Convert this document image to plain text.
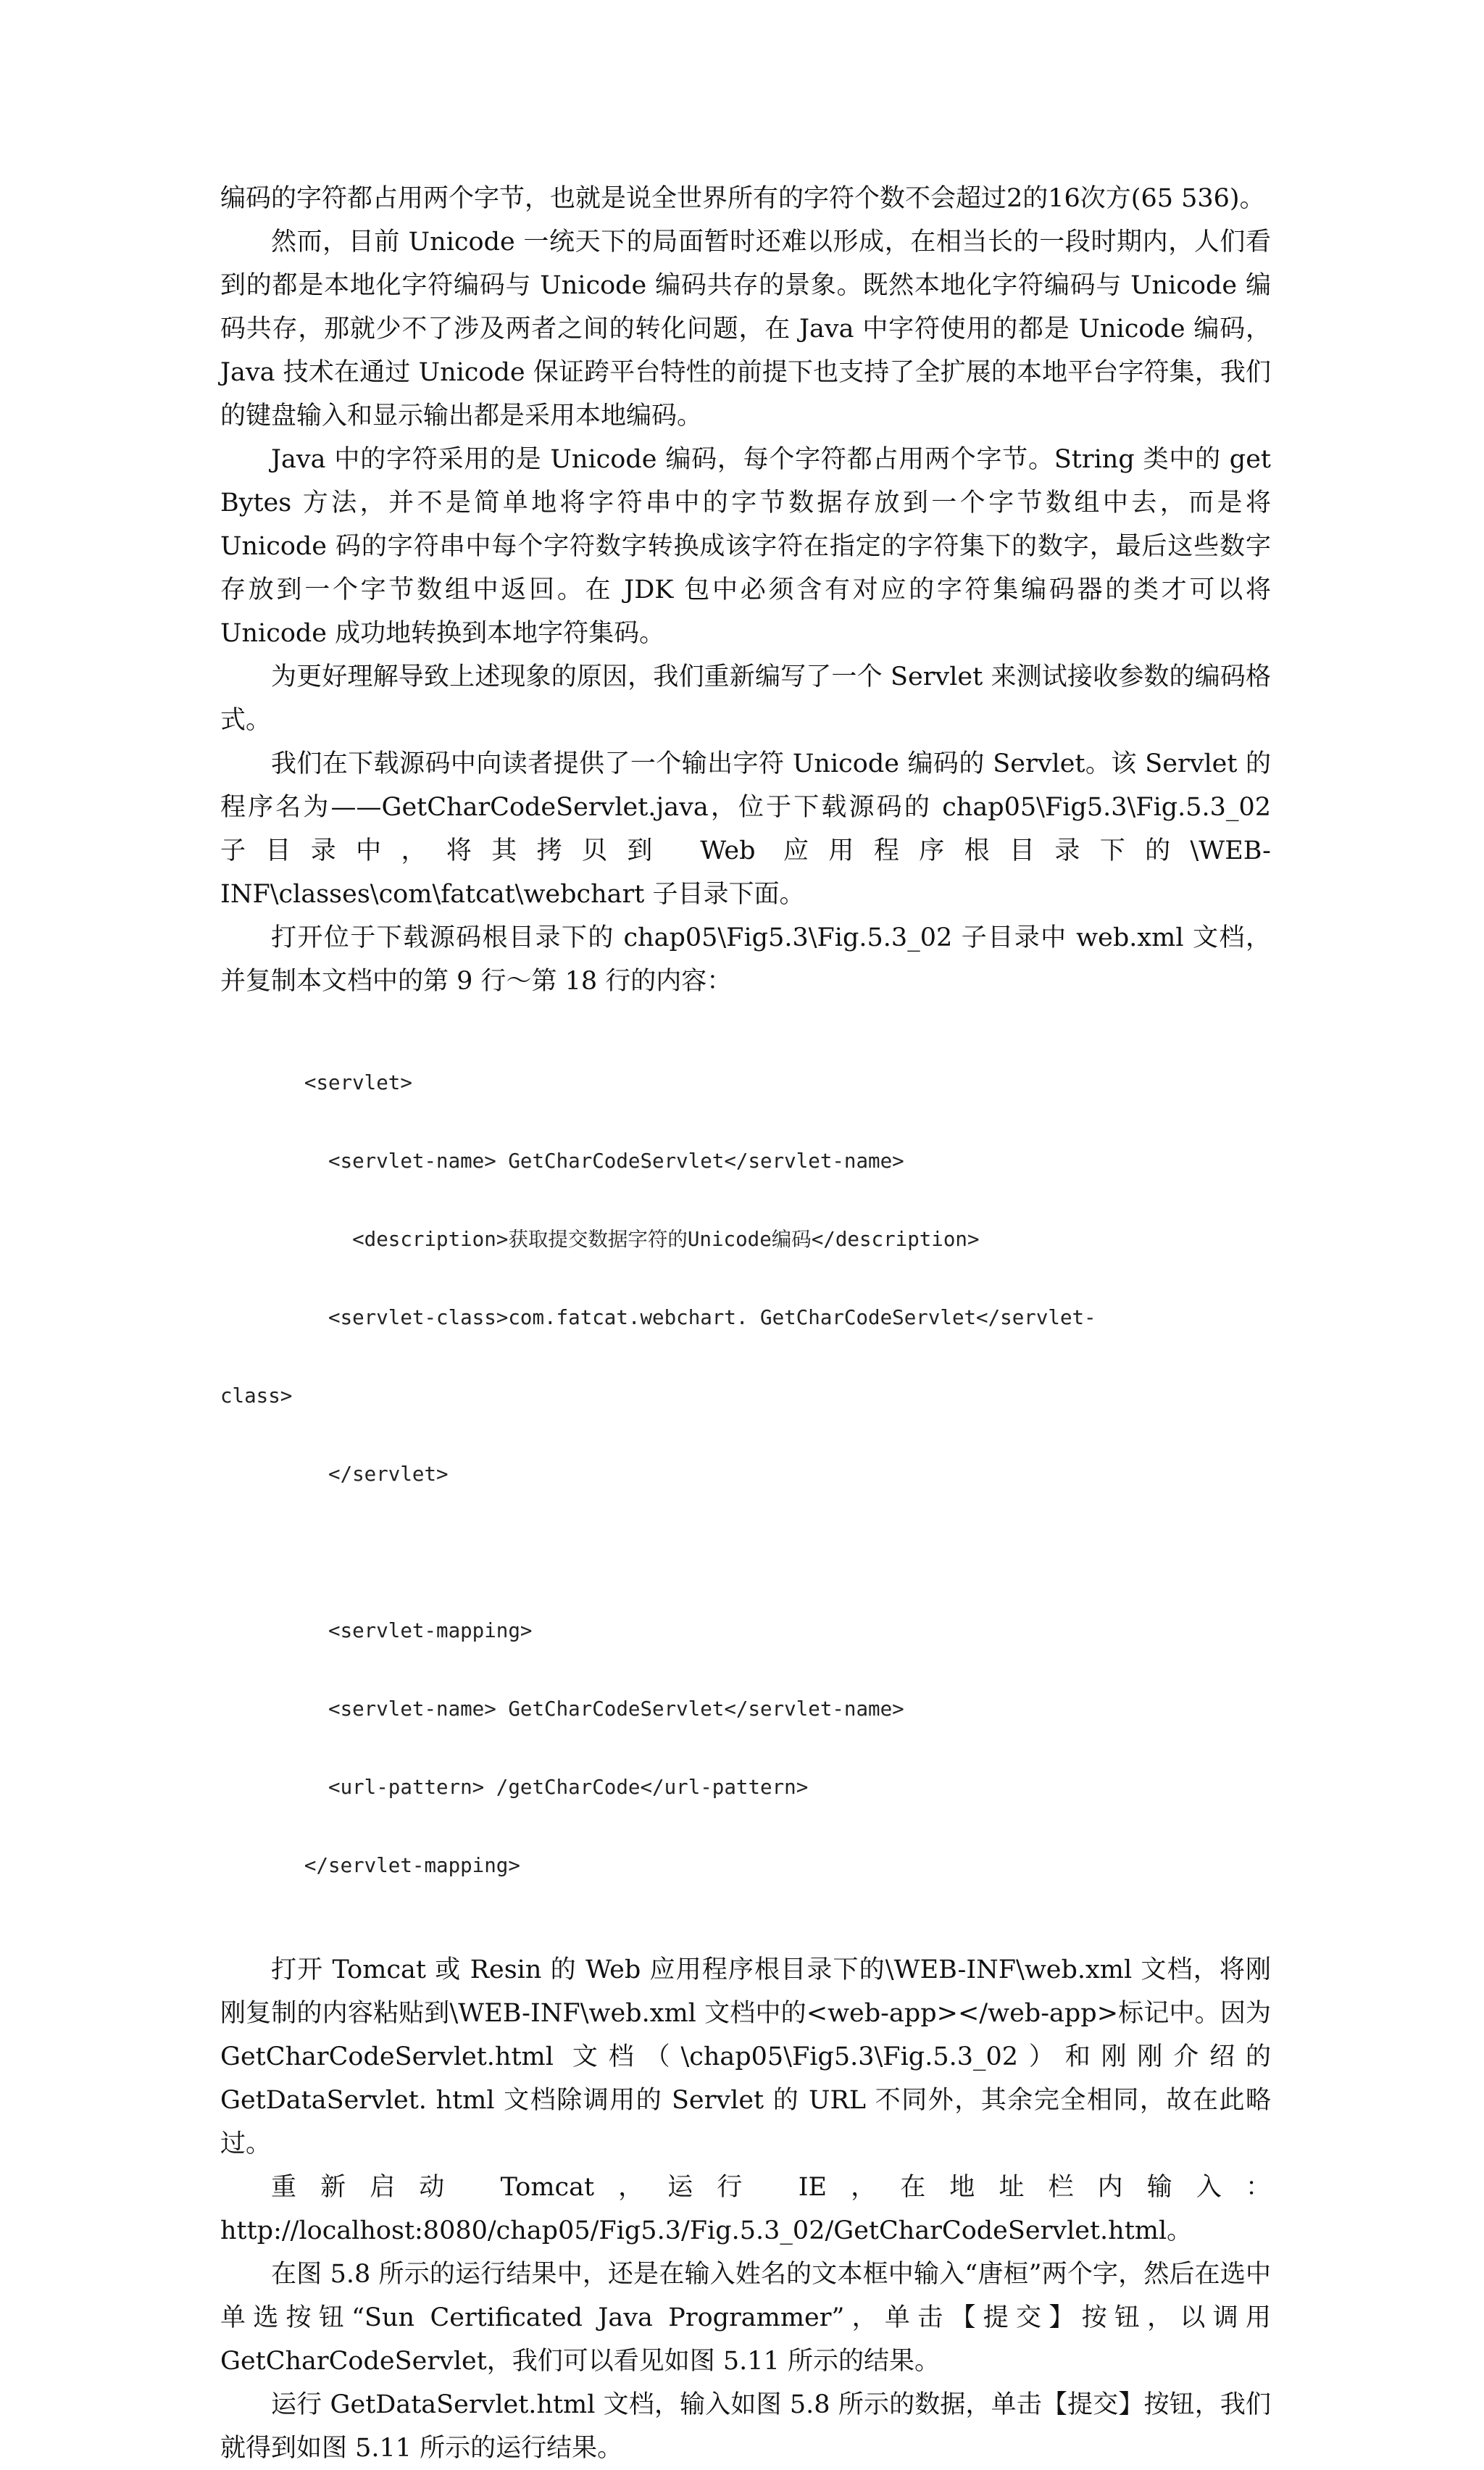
编码的字符都占用两个字节，也就是说全世界所有的字符个数不会超过2的16次方(65 536)。

然而，目前 Unicode 一统天下的局面暂时还难以形成，在相当长的一段时期内，人们看到的都是本地化字符编码与 Unicode 编码共存的景象。既然本地化字符编码与 Unicode 编码共存，那就少不了涉及两者之间的转化问题，在 Java 中字符使用的都是 Unicode 编码，Java 技术在通过 Unicode 保证跨平台特性的前提下也支持了全扩展的本地平台字符集，我们的键盘输入和显示输出都是采用本地编码。

Java 中的字符采用的是 Unicode 编码，每个字符都占用两个字节。String 类中的 get　Bytes 方法，并不是简单地将字符串中的字节数据存放到一个字节数组中去，而是将 Unicode 码的字符串中每个字符数字转换成该字符在指定的字符集下的数字，最后这些数字存放到一个字节数组中返回。在 JDK 包中必须含有对应的字符集编码器的类才可以将 Unicode 成功地转换到本地字符集码。

为更好理解导致上述现象的原因，我们重新编写了一个 Servlet 来测试接收参数的编码格式。

我们在下载源码中向读者提供了一个输出字符 Unicode 编码的 Servlet。该 Servlet 的程序名为——GetCharCodeServlet.java，位于下载源码的 chap05\Fig5.3\Fig.5.3_02 子目录中，将其拷贝到 Web 应用程序根目录下的\WEB-INF\classes\com\fatcat\webchart 子目录下面。

打开位于下载源码根目录下的 chap05\Fig5.3\Fig.5.3_02 子目录中 web.xml 文档，并复制本文档中的第 9 行～第 18 行的内容：

<servlet>

<servlet-name> GetCharCodeServlet</servlet-name>

<description>获取提交数据字符的Unicode编码</description>

<servlet-class>com.fatcat.webchart. GetCharCodeServlet</servlet-

class>

</servlet>

<servlet-mapping>

<servlet-name> GetCharCodeServlet</servlet-name>

<url-pattern> /getCharCode</url-pattern>

</servlet-mapping>

打开 Tomcat 或 Resin 的 Web 应用程序根目录下的\WEB-INF\web.xml 文档，将刚刚复制的内容粘贴到\WEB-INF\web.xml 文档中的<web-app></web-app>标记中。因为 GetCharCodeServlet.html 文档（\chap05\Fig5.3\Fig.5.3_02）和刚刚介绍的 GetDataServlet. html 文档除调用的 Servlet 的 URL 不同外，其余完全相同，故在此略过。

重新启动 Tomcat，运行 IE，在地址栏内输入：http://localhost:8080/chap05/Fig5.3/Fig.5.3_02/GetCharCodeServlet.html。

在图 5.8 所示的运行结果中，还是在输入姓名的文本框中输入“唐桓”两个字，然后在选中单选按钮“Sun Certificated Java Programmer”，单击【提交】按钮，以调用 GetCharCodeServlet，我们可以看见如图 5.11 所示的结果。

运行 GetDataServlet.html 文档，输入如图 5.8 所示的数据，单击【提交】按钮，我们就得到如图 5.11 所示的运行结果。
